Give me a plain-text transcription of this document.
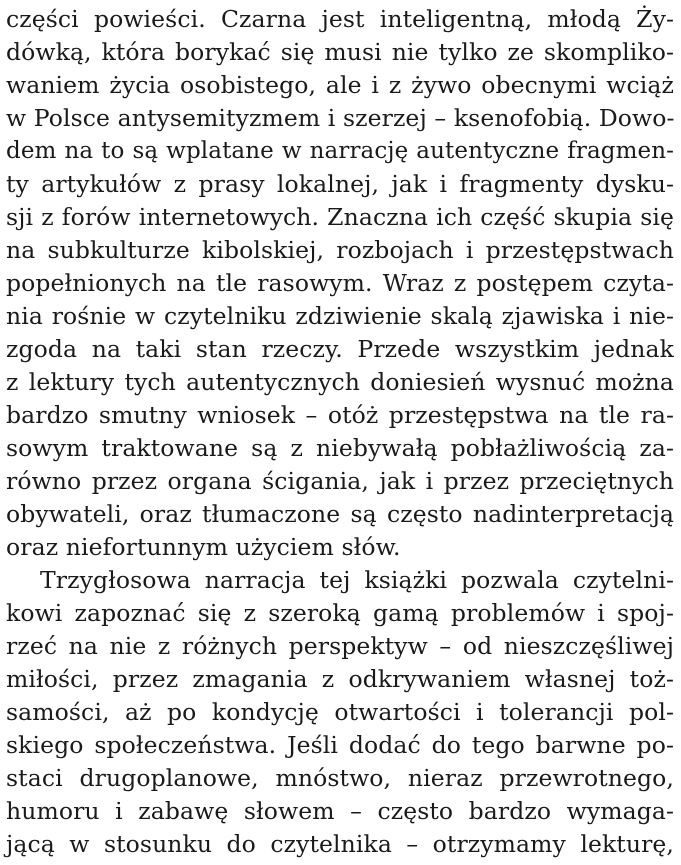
części powieści. Czarna jest inteligentną, młodą Ży-
dówką, która borykać się musi nie tylko ze skompliko-
waniem życia osobistego, ale i z żywo obecnymi wciąż
w Polsce antysemityzmem i szerzej – ksenofobią. Dowo-
dem na to są wplatane w narrację autentyczne fragmen-
ty artykułów z prasy lokalnej, jak i fragmenty dysku-
sji z forów internetowych. Znaczna ich część skupia się
na subkulturze kibolskiej, rozbojach i przestępstwach
popełnionych na tle rasowym. Wraz z postępem czyta-
nia rośnie w czytelniku zdziwienie skalą zjawiska i nie-
zgoda na taki stan rzeczy. Przede wszystkim jednak
z lektury tych autentycznych doniesień wysnuć można
bardzo smutny wniosek – otóż przestępstwa na tle ra-
sowym traktowane są z niebywałą pobłażliwością za-
równo przez organa ścigania, jak i przez przeciętnych
obywateli, oraz tłumaczone są często nadinterpretacją
oraz niefortunnym użyciem słów.
Trzygłosowa narracja tej książki pozwala czytelni-
kowi zapoznać się z szeroką gamą problemów i spoj-
rzeć na nie z różnych perspektyw – od nieszczęśliwej
miłości, przez zmagania z odkrywaniem własnej toż-
samości, aż po kondycję otwartości i tolerancji pol-
skiego społeczeństwa. Jeśli dodać do tego barwne po-
staci drugoplanowe, mnóstwo, nieraz przewrotnego,
humoru i zabawę słowem – często bardzo wymaga-
jącą w stosunku do czytelnika – otrzymamy lekturę,
